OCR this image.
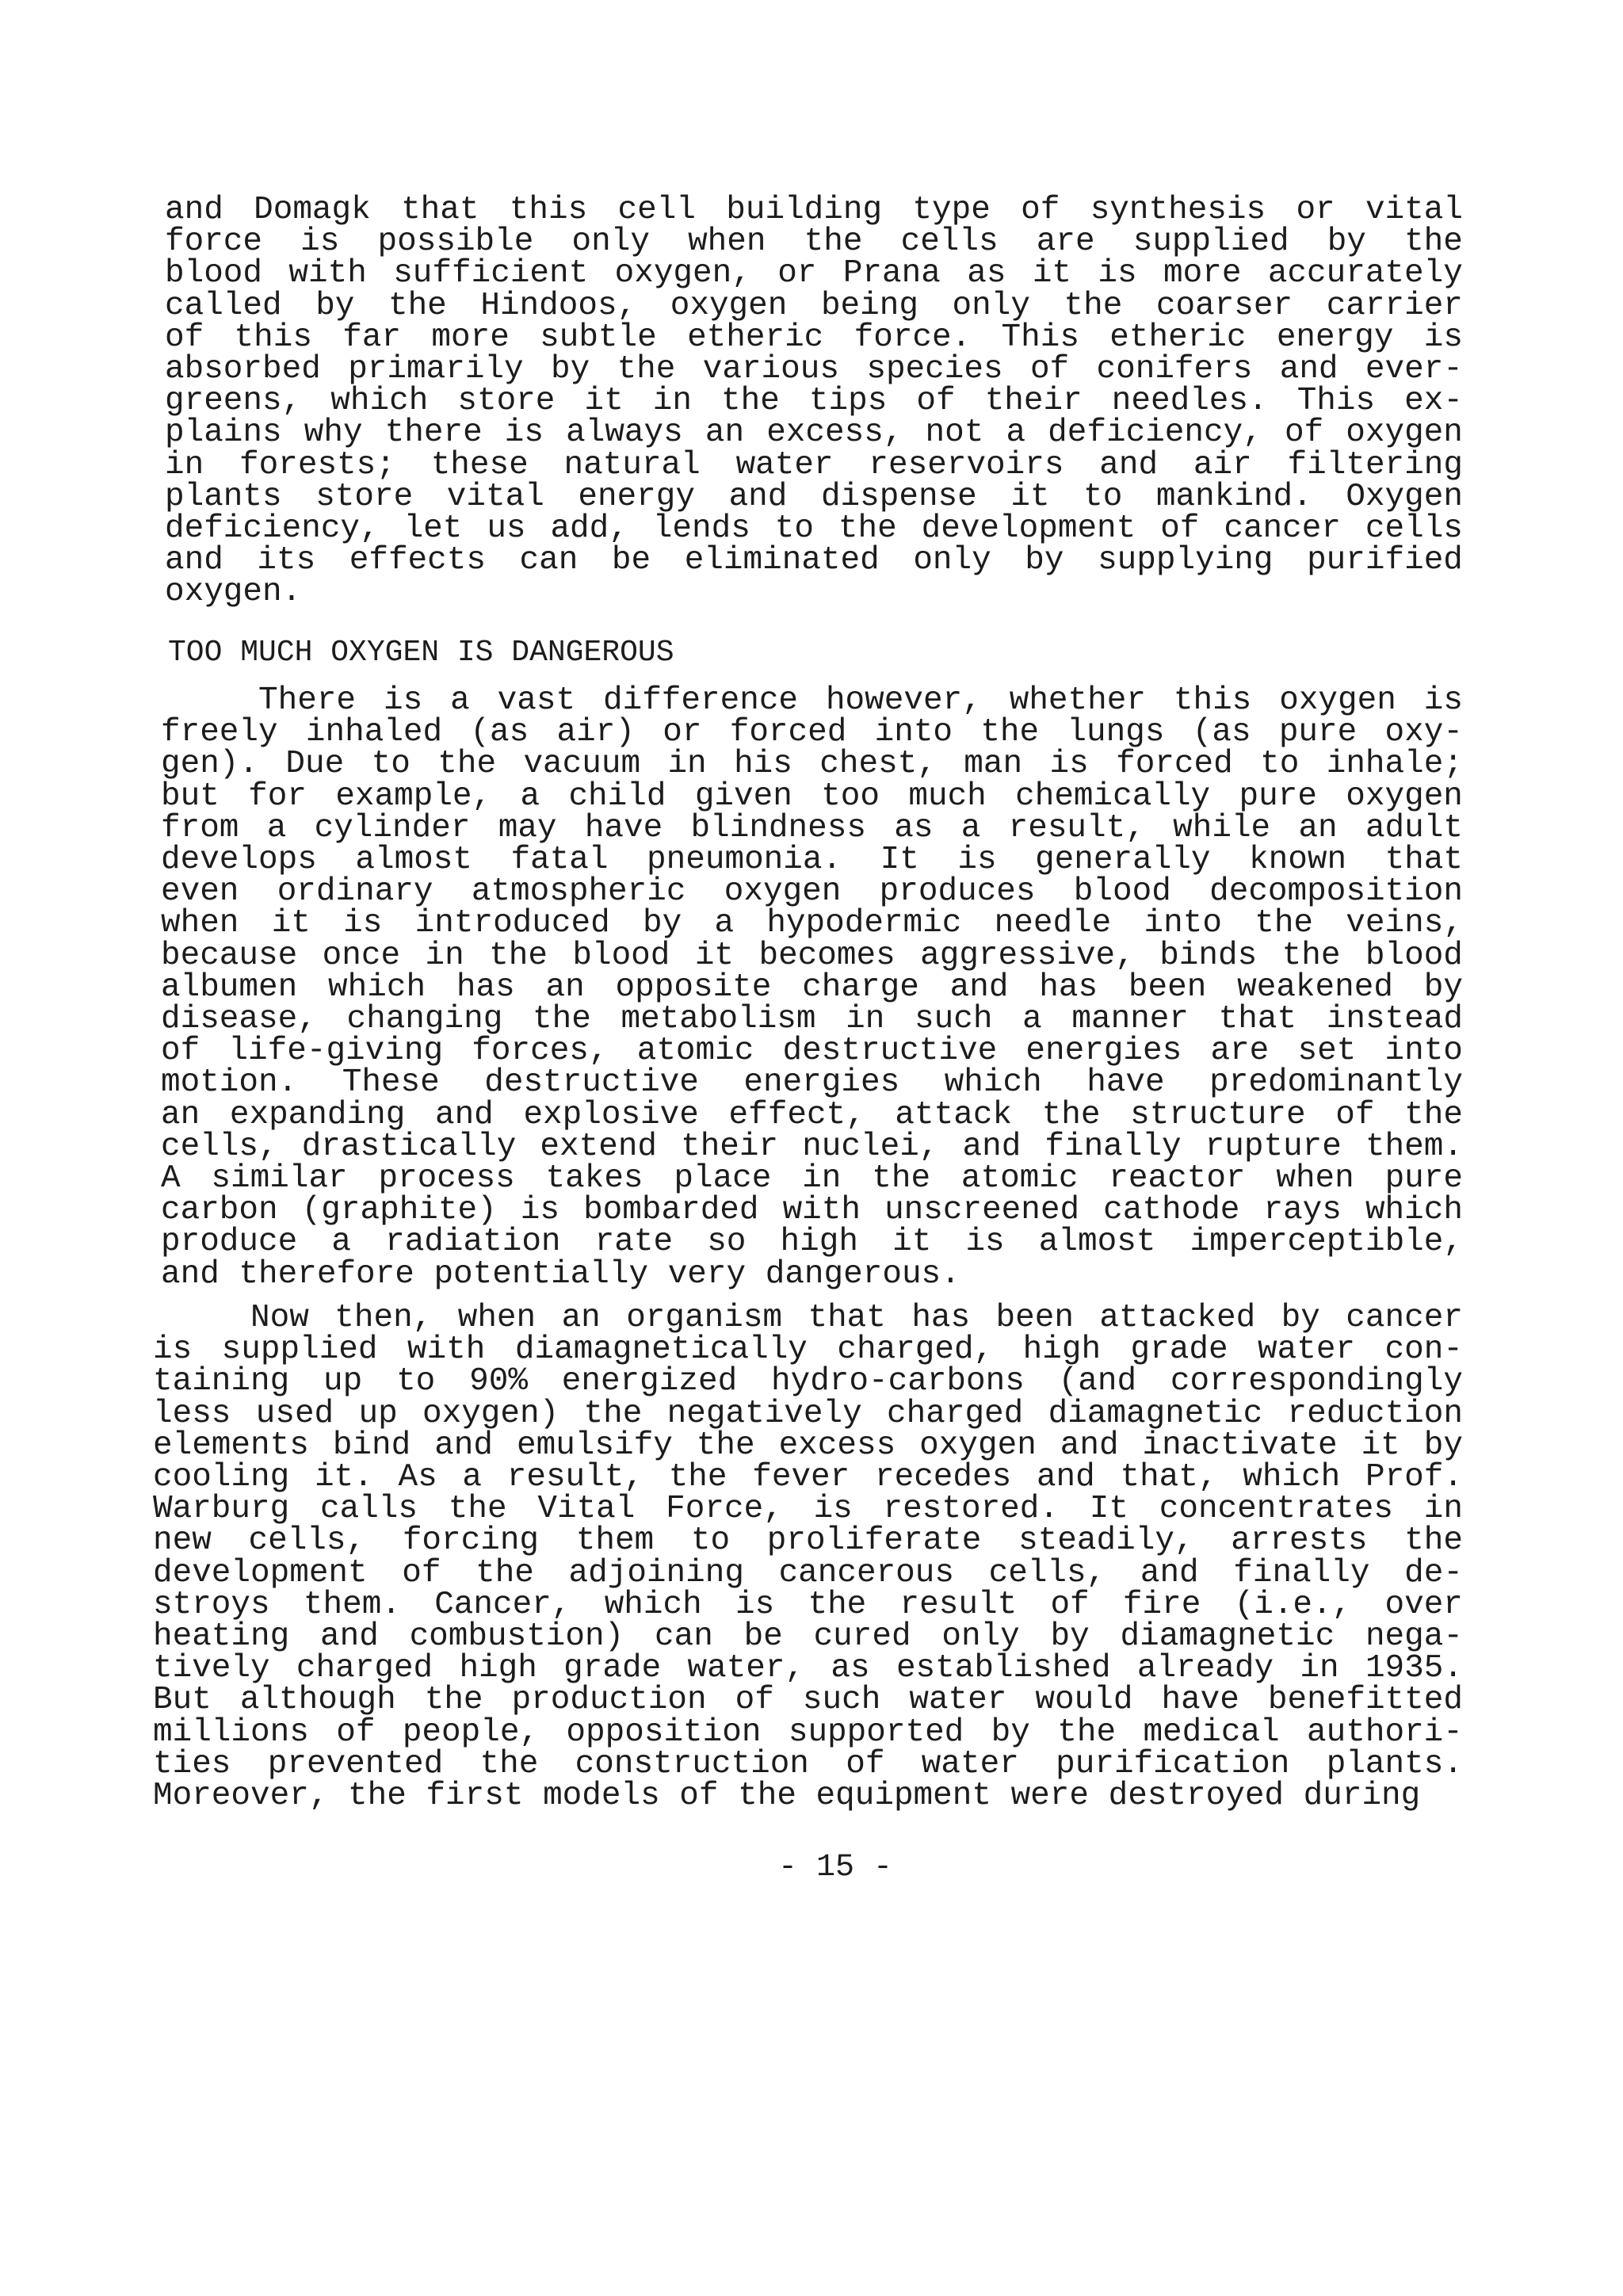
and Domagk that this cell building type of synthesis or vital
force is possible only when the cells are supplied by the
blood with sufficient oxygen, or Prana as it is more accurately
called by the Hindoos, oxygen being only the coarser carrier
of this far more subtle etheric force. This etheric energy is
absorbed primarily by the various species of conifers and ever-
greens, which store it in the tips of their needles. This ex-
plains why there is always an excess, not a deficiency, of oxygen
in forests; these natural water reservoirs and air filtering
plants store vital energy and dispense it to mankind. Oxygen
deficiency, let us add, lends to the development of cancer cells
and its effects can be eliminated only by supplying purified
oxygen.
TOO MUCH OXYGEN IS DANGEROUS
There is a vast difference however, whether this oxygen is
freely inhaled (as air) or forced into the lungs (as pure oxy-
gen). Due to the vacuum in his chest, man is forced to inhale;
but for example, a child given too much chemically pure oxygen
from a cylinder may have blindness as a result, while an adult
develops almost fatal pneumonia. It is generally known that
even ordinary atmospheric oxygen produces blood decomposition
when it is introduced by a hypodermic needle into the veins,
because once in the blood it becomes aggressive, binds the blood
albumen which has an opposite charge and has been weakened by
disease, changing the metabolism in such a manner that instead
of life-giving forces, atomic destructive energies are set into
motion. These destructive energies which have predominantly
an expanding and explosive effect, attack the structure of the
cells, drastically extend their nuclei, and finally rupture them.
A similar process takes place in the atomic reactor when pure
carbon (graphite) is bombarded with unscreened cathode rays which
produce a radiation rate so high it is almost imperceptible,
and therefore potentially very dangerous.
Now then, when an organism that has been attacked by cancer
is supplied with diamagnetically charged, high grade water con-
taining up to 90% energized hydro-carbons (and correspondingly
less used up oxygen) the negatively charged diamagnetic reduction
elements bind and emulsify the excess oxygen and inactivate it by
cooling it. As a result, the fever recedes and that, which Prof.
Warburg calls the Vital Force, is restored. It concentrates in
new cells, forcing them to proliferate steadily, arrests the
development of the adjoining cancerous cells, and finally de-
stroys them. Cancer, which is the result of fire (i.e., over
heating and combustion) can be cured only by diamagnetic nega-
tively charged high grade water, as established already in 1935.
But although the production of such water would have benefitted
millions of people, opposition supported by the medical authori-
ties prevented the construction of water purification plants.
Moreover, the first models of the equipment were destroyed during
- 15 -
